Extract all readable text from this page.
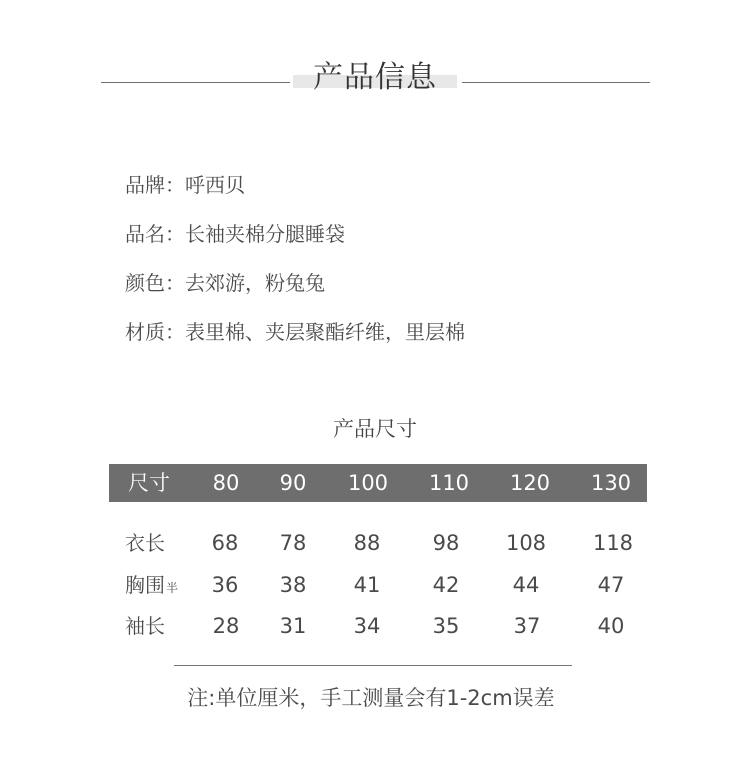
产品信息
品牌：呼西贝
品名：长袖夹棉分腿睡袋
颜色：去郊游，粉兔兔
材质：表里棉、夹层聚酯纤维，里层棉
产品尺寸
尺寸 80 90 100 110 120 130
衣长 68 78 88 98 108 118
胸围半 36 38 41 42	44	47
袖长 28 31 34 35	37	40
注:单位厘米，手工测量会有1-2cm误差
